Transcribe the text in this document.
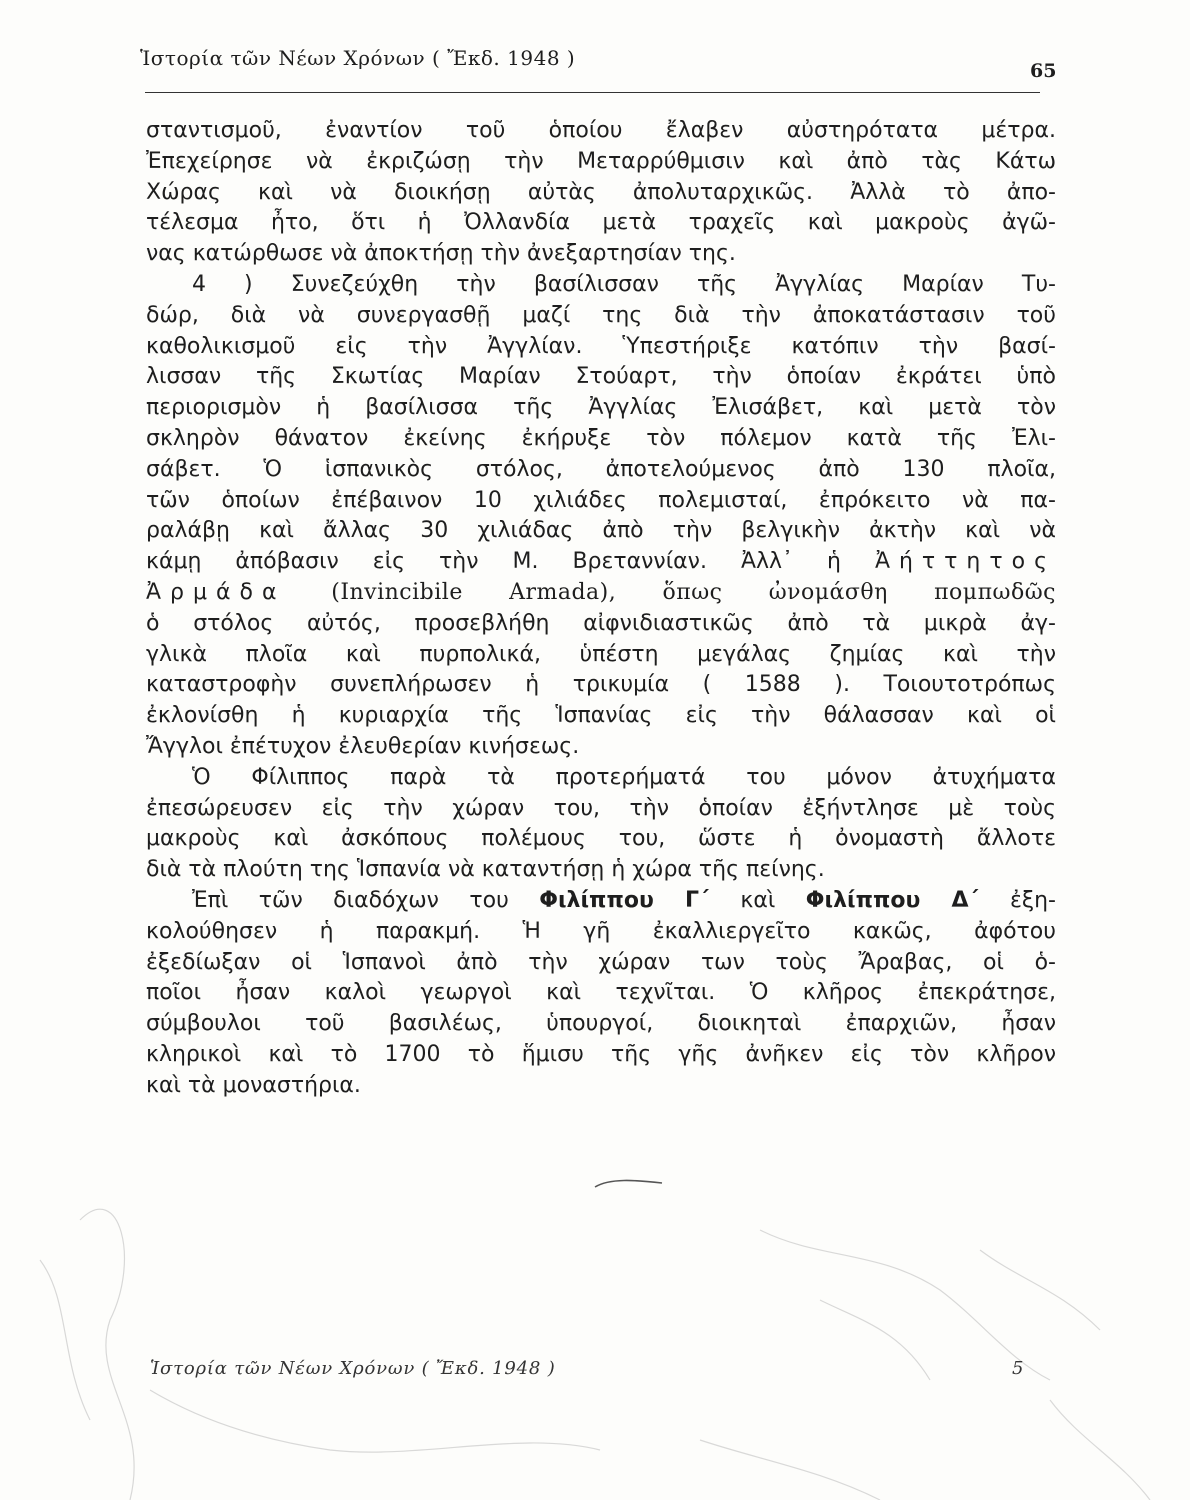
Ἱστορία τῶν Νέων Χρόνων ( Ἔκδ. 1948 )
65
σταντισμοῦ, ἐναντίον τοῦ ὁποίου ἔλαβεν αὐστηρότατα μέτρα.
Ἐπεχείρησε νὰ ἐκριζώσῃ τὴν Μεταρρύθμισιν καὶ ἀπὸ τὰς Κάτω
Χώρας καὶ νὰ διοικήσῃ αὐτὰς ἀπολυταρχικῶς. Ἀλλὰ τὸ ἀπο-
τέλεσμα ἦτο, ὅτι ἡ Ὀλλανδία μετὰ τραχεῖς καὶ μακροὺς ἀγῶ-
νας κατώρθωσε νὰ ἀποκτήσῃ τὴν ἀνεξαρτησίαν της.
4 ) Συνεζεύχθη τὴν βασίλισσαν τῆς Ἀγγλίας Μαρίαν Τυ-
δώρ, διὰ νὰ συνεργασθῇ μαζί της διὰ τὴν ἀποκατάστασιν τοῦ
καθολικισμοῦ εἰς τὴν Ἀγγλίαν. Ὑπεστήριξε κατόπιν τὴν βασί-
λισσαν τῆς Σκωτίας Μαρίαν Στούαρτ, τὴν ὁποίαν ἐκράτει ὑπὸ
περιορισμὸν ἡ βασίλισσα τῆς Ἀγγλίας Ἐλισάβετ, καὶ μετὰ τὸν
σκληρὸν θάνατον ἐκείνης ἐκήρυξε τὸν πόλεμον κατὰ τῆς Ἐλι-
σάβετ. Ὁ ἱσπανικὸς στόλος, ἀποτελούμενος ἀπὸ 130 πλοῖα,
τῶν ὁποίων ἐπέβαινον 10 χιλιάδες πολεμισταί, ἐπρόκειτο νὰ πα-
ραλάβῃ καὶ ἄλλας 30 χιλιάδας ἀπὸ τὴν βελγικὴν ἀκτὴν καὶ νὰ
κάμῃ ἀπόβασιν εἰς τὴν Μ. Βρεταννίαν. Ἀλλ᾽ ἡ Ἀήττητος
Ἀρμάδα (Invincibile Armada), ὅπως ὠνομάσθη πομπωδῶς
ὁ στόλος αὐτός, προσεβλήθη αἰφνιδιαστικῶς ἀπὸ τὰ μικρὰ ἀγ-
γλικὰ πλοῖα καὶ πυρπολικά, ὑπέστη μεγάλας ζημίας καὶ τὴν
καταστροφὴν συνεπλήρωσεν ἡ τρικυμία ( 1588 ). Τοιουτοτρόπως
ἐκλονίσθη ἡ κυριαρχία τῆς Ἱσπανίας εἰς τὴν θάλασσαν καὶ οἱ
Ἄγγλοι ἐπέτυχον ἐλευθερίαν κινήσεως.
Ὁ Φίλιππος παρὰ τὰ προτερήματά του μόνον ἀτυχήματα
ἐπεσώρευσεν εἰς τὴν χώραν του, τὴν ὁποίαν ἐξήντλησε μὲ τοὺς
μακροὺς καὶ ἀσκόπους πολέμους του, ὥστε ἡ ὀνομαστὴ ἄλλοτε
διὰ τὰ πλούτη της Ἱσπανία νὰ καταντήσῃ ἡ χώρα τῆς πείνης.
Ἐπὶ τῶν διαδόχων του Φιλίππου Γ´ καὶ Φιλίππου Δ´ ἐξη-
κολούθησεν ἡ παρακμή. Ἡ γῆ ἐκαλλιεργεῖτο κακῶς, ἀφότου
ἐξεδίωξαν οἱ Ἱσπανοὶ ἀπὸ τὴν χώραν των τοὺς Ἄραβας, οἱ ὁ-
ποῖοι ἦσαν καλοὶ γεωργοὶ καὶ τεχνῖται. Ὁ κλῆρος ἐπεκράτησε,
σύμβουλοι τοῦ βασιλέως, ὑπουργοί, διοικηταὶ ἐπαρχιῶν, ἦσαν
κληρικοὶ καὶ τὸ 1700 τὸ ἥμισυ τῆς γῆς ἀνῆκεν εἰς τὸν κλῆρον
καὶ τὰ μοναστήρια.
Ἱστορία τῶν Νέων Χρόνων ( Ἔκδ. 1948 )	5
